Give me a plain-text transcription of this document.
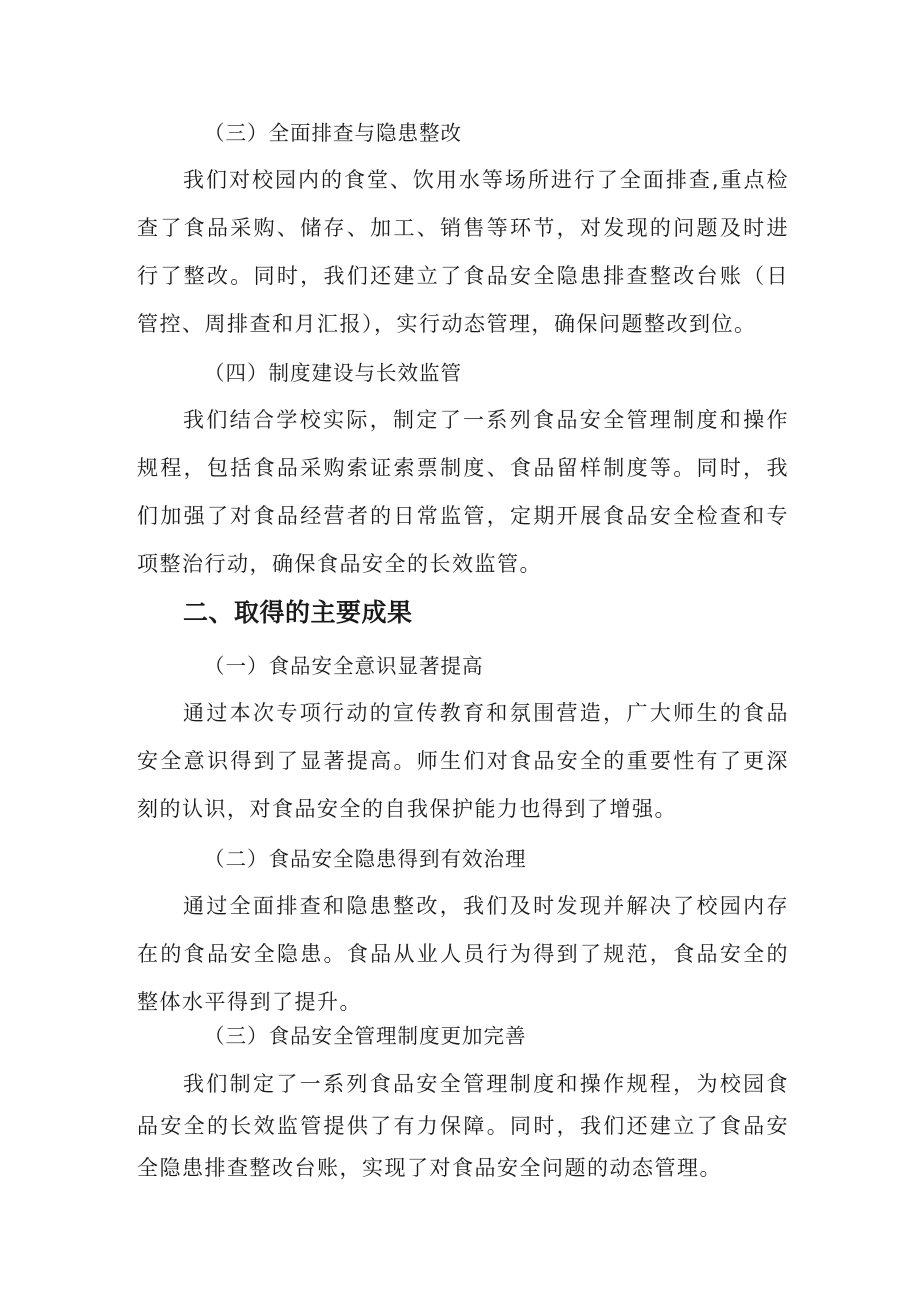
（三）全面排查与隐患整改

我们对校园内的食堂、饮用水等场所进行了全面排查,重点检查了食品采购、储存、加工、销售等环节，对发现的问题及时进行了整改。同时，我们还建立了食品安全隐患排查整改台账（日管控、周排查和月汇报），实行动态管理，确保问题整改到位。

（四）制度建设与长效监管

我们结合学校实际，制定了一系列食品安全管理制度和操作规程，包括食品采购索证索票制度、食品留样制度等。同时，我们加强了对食品经营者的日常监管，定期开展食品安全检查和专项整治行动，确保食品安全的长效监管。

二、取得的主要成果
（一）食品安全意识显著提高

通过本次专项行动的宣传教育和氛围营造，广大师生的食品安全意识得到了显著提高。师生们对食品安全的重要性有了更深刻的认识，对食品安全的自我保护能力也得到了增强。

（二）食品安全隐患得到有效治理

通过全面排查和隐患整改，我们及时发现并解决了校园内存在的食品安全隐患。食品从业人员行为得到了规范，食品安全的整体水平得到了提升。

（三）食品安全管理制度更加完善

我们制定了一系列食品安全管理制度和操作规程，为校园食品安全的长效监管提供了有力保障。同时，我们还建立了食品安全隐患排查整改台账，实现了对食品安全问题的动态管理。
